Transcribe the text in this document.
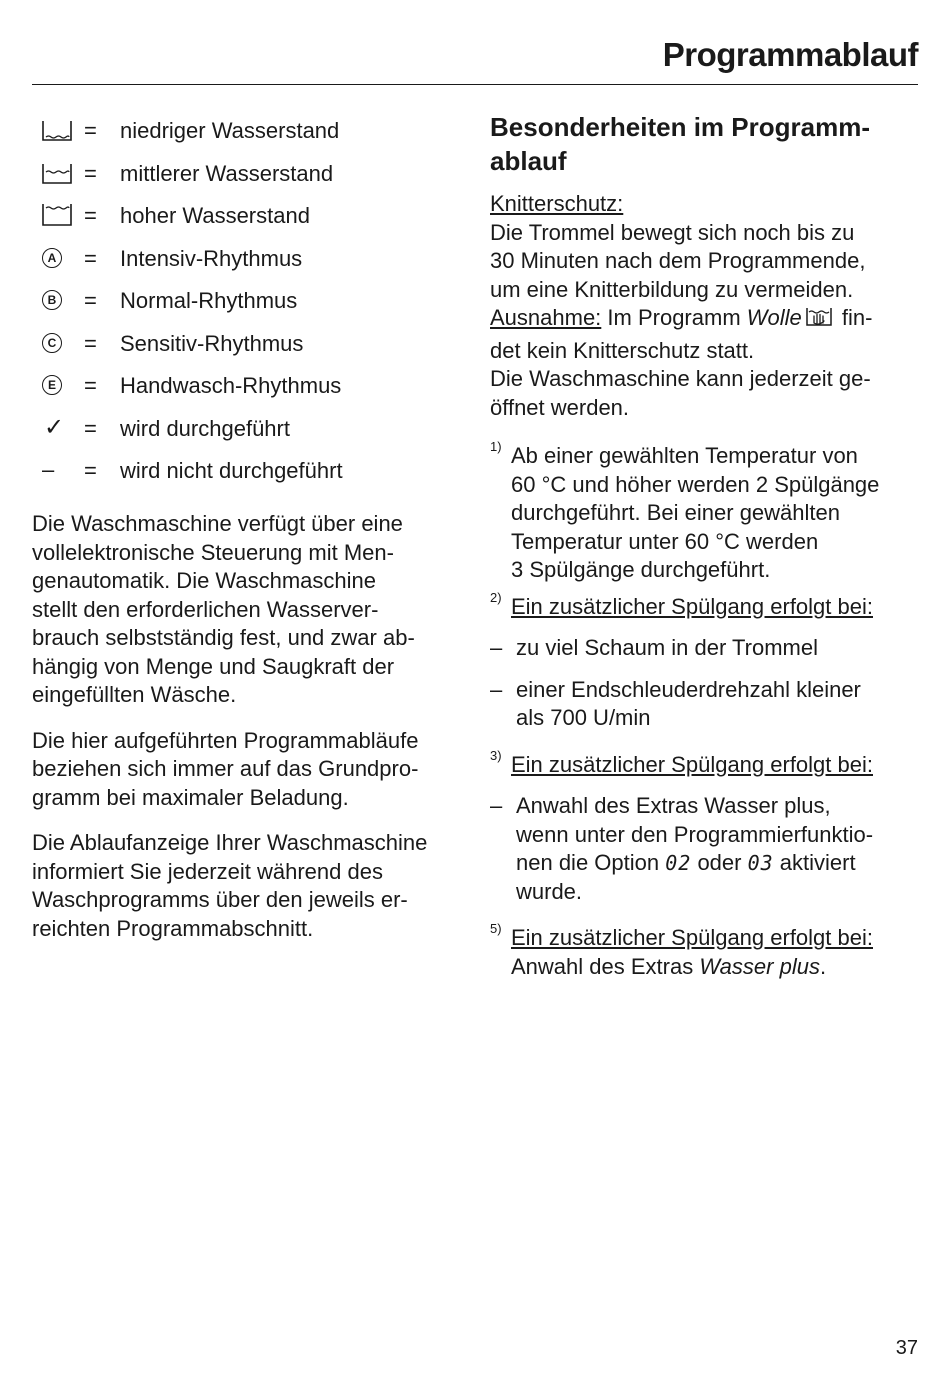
Programmablauf
= niedriger Wasserstand
= mittlerer Wasserstand
= hoher Wasserstand
A = Intensiv-Rhythmus
B = Normal-Rhythmus
C = Sensitiv-Rhythmus
E = Handwasch-Rhythmus
✓ = wird durchgeführt
–	= wird nicht durchgeführt

Die Waschmaschine verfügt über eine
vollelektronische Steuerung mit Men-
genautomatik. Die Waschmaschine
stellt den erforderlichen Wasserver-
brauch selbstständig fest, und zwar ab-
hängig von Menge und Saugkraft der
eingefüllten Wäsche.

Die hier aufgeführten Programmabläufe
beziehen sich immer auf das Grundpro-
gramm bei maximaler Beladung.

Die Ablaufanzeige Ihrer Waschmaschine
informiert Sie jederzeit während des
Waschprogramms über den jeweils er-
reichten Programmabschnitt.

Besonderheiten im Programm-
ablauf
Knitterschutz:
Die Trommel bewegt sich noch bis zu
30 Minuten nach dem Programmende,
um eine Knitterbildung zu vermeiden.
Ausnahme: Im Programm Wolle fin-
det kein Knitterschutz statt.
Die Waschmaschine kann jederzeit ge-
öffnet werden.
1) Ab einer gewählten Temperatur von
60 °C und höher werden 2 Spülgänge
durchgeführt. Bei einer gewählten
Temperatur unter 60 °C werden
3 Spülgänge durchgeführt.
2) Ein zusätzlicher Spülgang erfolgt bei:
– zu viel Schaum in der Trommel
– einer Endschleuderdrehzahl kleiner
als 700 U/min
3) Ein zusätzlicher Spülgang erfolgt bei:
– Anwahl des Extras Wasser plus,
wenn unter den Programmierfunktio-
nen die Option 02 oder 03 aktiviert
wurde.
5) Ein zusätzlicher Spülgang erfolgt bei:
Anwahl des Extras Wasser plus.
37
